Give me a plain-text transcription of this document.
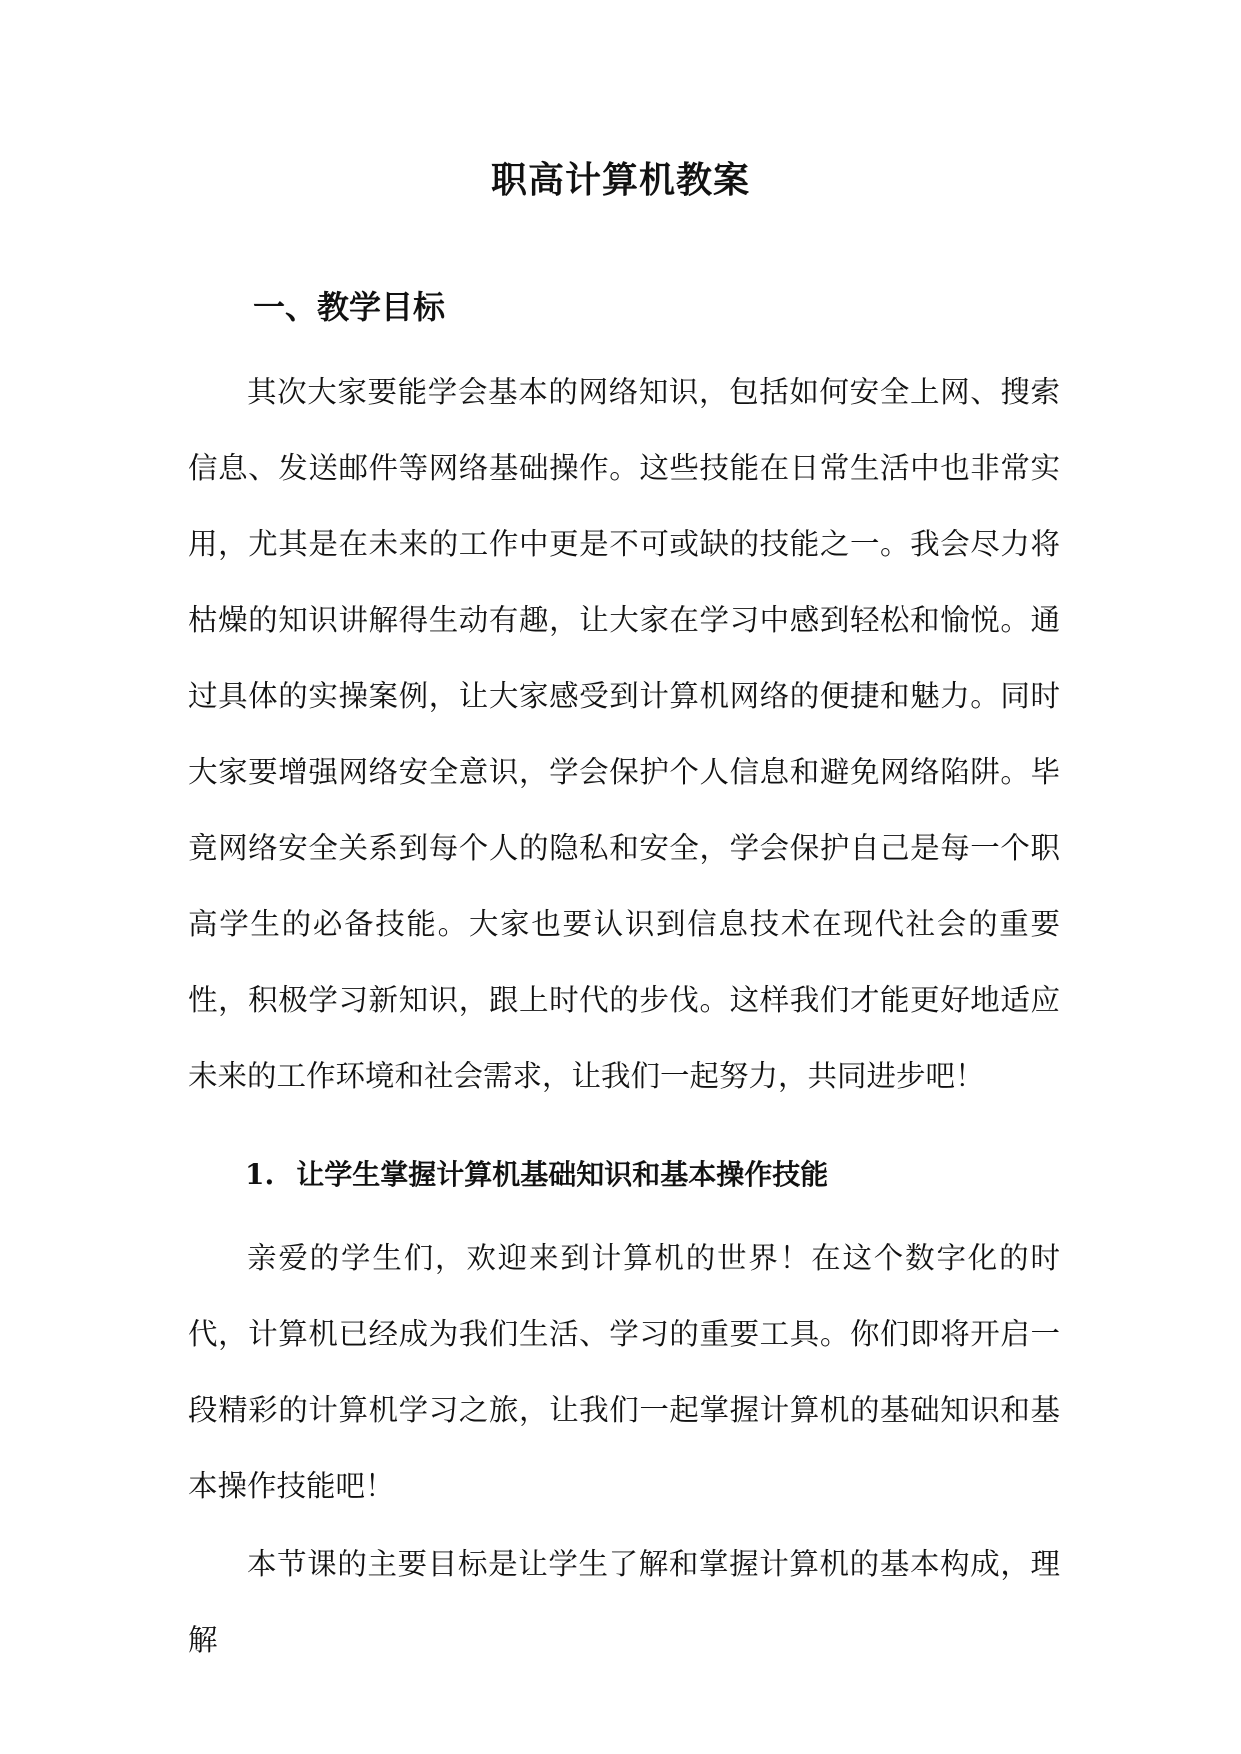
职高计算机教案
一、教学目标

其次大家要能学会基本的网络知识，包括如何安全上网、搜索信息、发送邮件等网络基础操作。这些技能在日常生活中也非常实用，尤其是在未来的工作中更是不可或缺的技能之一。我会尽力将枯燥的知识讲解得生动有趣，让大家在学习中感到轻松和愉悦。通过具体的实操案例，让大家感受到计算机网络的便捷和魅力。同时大家要增强网络安全意识，学会保护个人信息和避免网络陷阱。毕竟网络安全关系到每个人的隐私和安全，学会保护自己是每一个职高学生的必备技能。大家也要认识到信息技术在现代社会的重要性，积极学习新知识，跟上时代的步伐。这样我们才能更好地适应未来的工作环境和社会需求，让我们一起努力，共同进步吧！

1. 让学生掌握计算机基础知识和基本操作技能

亲爱的学生们，欢迎来到计算机的世界！在这个数字化的时代，计算机已经成为我们生活、学习的重要工具。你们即将开启一段精彩的计算机学习之旅，让我们一起掌握计算机的基础知识和基本操作技能吧！

本节课的主要目标是让学生了解和掌握计算机的基本构成，理解
